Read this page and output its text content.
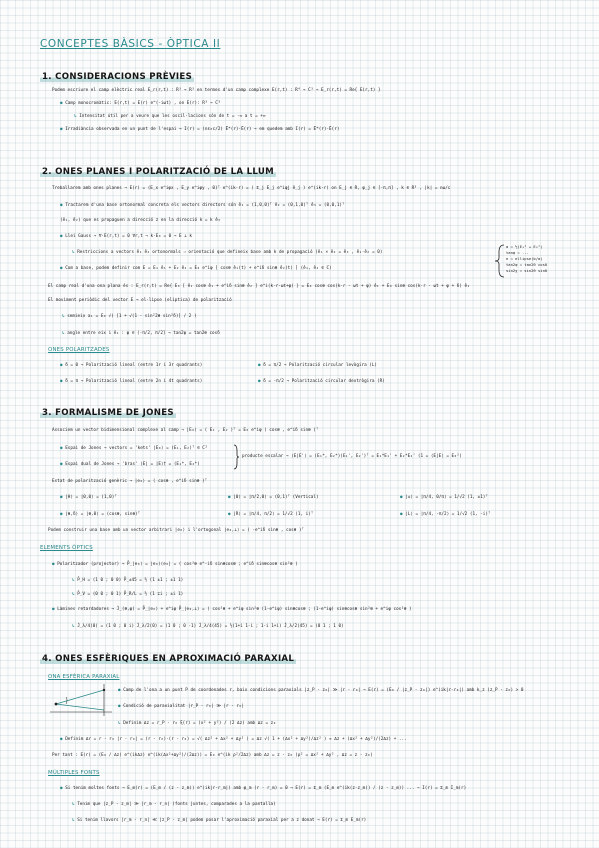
CONCEPTES BÀSICS - ÒPTICA II
1. CONSIDERACIONS PRÈVIES
Podem escriure el camp elèctric real E_r(r,t) : R³ → R³ en termes d'un camp complexe E(r,t) : R⁴ → C³ → E_r(r,t) = Re{ E(r,t) }
● Camp monocromàtic: E(r,t) = E(r) e^(-iωt) , on E(r): R³ → C³
↳ Intensitat útil per a veure que les oscil·lacions són de t = -∞ a t = +∞
● Irradiància observada en un punt de l'espai → I(r) = (nε₀c/2) Ē*(r)·Ē(r) → em quedem amb I(r) = Ē*(r)·Ē(r)
2. ONES PLANES I POLARITZACIÓ DE LA LLUM
Treballarem amb ones planes → E(r) = (E_x e^iφx , E_y e^iφy , 0)ᵀ e^(ik·r) = ( Σ_j E_j e^iφj ê_j ) e^(ik·r) on E_j ∈ R, φ_j ∈ [-π,π] , k ∈ R³ , |k| = nω/c
● Tractarem d'una base ortonormal concreta els vectors directors són ê₁ = (1,0,0)ᵀ ê₂ = (0,1,0)ᵀ ê₃ = (0,0,1)ᵀ
(ê₁, ê₂) que es propaguen a direcció z en la direcció k = k ê₃
● Llei Gauss → ∇·E(r,t) = 0 ∀r,t → k·E₀ = 0 → E ⊥ k
↳ Restriccions a vectors ê₁ ê₂ ortonormals ⇒ orientació que defineix base amb k de propagació (ê₁ × ê₂ = ê₃ , ê₁·ê₂ = 0)
● Com a base, podem definir com E = E₁ ê₁ + E₂ ê₂ = E₀ e^iφ [ cosθ ê₁(t) + e^iδ sinθ ê₂(t) ] (ê₁, ê₂ ∈ C)
a = ½(E₁² + E₂²)
tanψ = ...
e = ellipse(b/a)
tan2ψ = tan2θ cosδ
sin2χ = sin2θ sinδ
El camp real d'una ona plana és : E_r(r,t) = Re{ E₀ [ ê₁ cosθ ê₁ + e^iδ sinθ ê₂ ] e^i(k·r-ωt+φ) } = E₀ cosθ cos(k·r - ωt + φ) ê₁ + E₀ sinθ cos(k·r - ωt + φ + δ) ê₂
El moviment periòdic del vector E → el·lipse (elíptica) de polarització
↳ semieix a₁ = E₀ √( [1 + √(1 - sin²2θ sin²δ)] / 2 )
↳ angle entre eix i ê₁ : ψ ∈ (-π/2, π/2] → tan2ψ = tan2θ cosδ
ONES POLARITZADES
● δ = 0 → Polarització lineal (entre 1r i 3r quadrants)	● δ = π/2 → Polarització circular levògira (L)
● δ = π → Polarització lineal (entre 2n i 4t quadrants)	● δ = -π/2 → Polarització circular dextrògira (R)
3. FORMALISME DE JONES
Associem un vector bidimensional complexe al camp → |E₀⟩ = ( E₁ , E₂ )ᵀ = E₀ e^iφ ( cosθ , e^iδ sinθ )ᵀ
● Espai de Jones → vectors = 'kets' |E₀⟩ = (E₁, E₂)ᵀ ∈ C²
● Espai dual de Jones → 'bras' ⟨E| = |E⟩† = (E₁*, E₂*)
producte escalar → ⟨E|E'⟩ = (E₁*, E₂*)(E₁', E₂')ᵀ = E₁*E₁' + E₂*E₂' (1 = ⟨E|E⟩ = E₀²)
Estat de polarització genèric → |e₀⟩ = ( cosθ , e^iδ sinθ )ᵀ
● |H⟩ = |0,0⟩ = (1,0)ᵀ	● |0⟩ = |π/2,0⟩ = (0,1)ᵀ (Vertical)	● |±⟩ = |π/4, 0/π⟩ = 1/√2 (1, ±1)ᵀ
● |θ,δ⟩ = |θ,0⟩ = (cosθ, sinθ)ᵀ	● |R⟩ = |π/4, π/2⟩ = 1/√2 (1, i)ᵀ	● |L⟩ = |π/4, -π/2⟩ = 1/√2 (1, -i)ᵀ
Podem construir una base amb un vector arbitrari |e₀⟩ i l'ortogonal |e₀,⊥⟩ = ( -e^iδ sinθ , cosθ )ᵀ
ELEMENTS ÒPTICS
● Polaritzador (projector) → P̂_|e₀⟩ = |e₀⟩⟨e₀| = ( cos²θ e^-iδ sinθcosθ ; e^iδ sinθcosθ sin²θ )
↳ P̂_H = (1 0 ; 0 0) P̂_±45 = ½ (1 ±1 ; ±1 1)
↳ P̂_V = (0 0 ; 0 1) P̂_R/L = ½ (1 ∓i ; ±i 1)
● Làmines retardadores → Ĵ_(θ,φ) = P̂_|e₀⟩ + e^iφ P̂_|e₀,⊥⟩ = ( cos²θ + e^iφ sin²θ (1-e^iφ) sinθcosθ ; (1-e^iφ) sinθcosθ sin²θ + e^iφ cos²θ )
↳ Ĵ_λ/4(0) = (1 0 ; 0 i) Ĵ_λ/2(0) = (1 0 ; 0 -1) Ĵ_λ/4(45) = ½(1+i 1-i ; 1-i 1+i) Ĵ_λ/2(45) = (0 1 ; 1 0)
4. ONES ESFÈRIQUES EN APROXIMACIÓ PARAXIAL
ONA ESFÈRICA PARAXIAL
● Camp de l'ona a un punt P de coordenades r, baix condicions paraxials |z_P - z₀| ≫ |r - r₀| → E(r) = (E₀ / |z_P - z₀|) e^(ik|r-r₀|) amb k_z (z_P - z₀) > 0
● Condició de paraxialitat |r_P - r₀| ≫ |r - r₀|
↳ Definim Δz = r_P - r₀ ξ(r) = (x² + y²) / (2 Δz) amb Δz = z₀
● Definim Δr = r - r₀ |r - r₀| = (r - r₀)·(r - r₀) = √( Δz² + Δx² + Δy² ) = Δz √( 1 + (Δx² + Δy²)/Δz² ) ≈ Δz + (Δx² + Δy²)/(2Δz) + ...
Per tant : E(r) = (E₀ / Δz) e^(ikΔz) e^(ik(Δx²+Δy²)/(2Δz)) = E₀ e^(ik ρ²/2Δz) amb Δz = z - z₀ (ρ² = Δx² + Δy² , Δz = z - z₀)
MÚLTIPLES FONTS
● Si tenim moltes fonts → E_m(r) = (E_m / (z - z_m)) e^(ik|r-r_m|) amb φ_m (r - r_m) = 0 → E(r) = Σ_m (E_m e^(ik(z-z_m)) / (z - z_m)) ... → I(r) = Σ_m I_m(r)
↳ Tenim que |z_P - z_m| ≫ |r_m - r_n| (fonts juntes, comparades a la pantalla)
↳ Si tenim llavors |r_m - r_n| ≪ |z_P - z_m| podem posar l'aproximació paraxial per a z donat → E(r) = Σ_m E_m(r)
